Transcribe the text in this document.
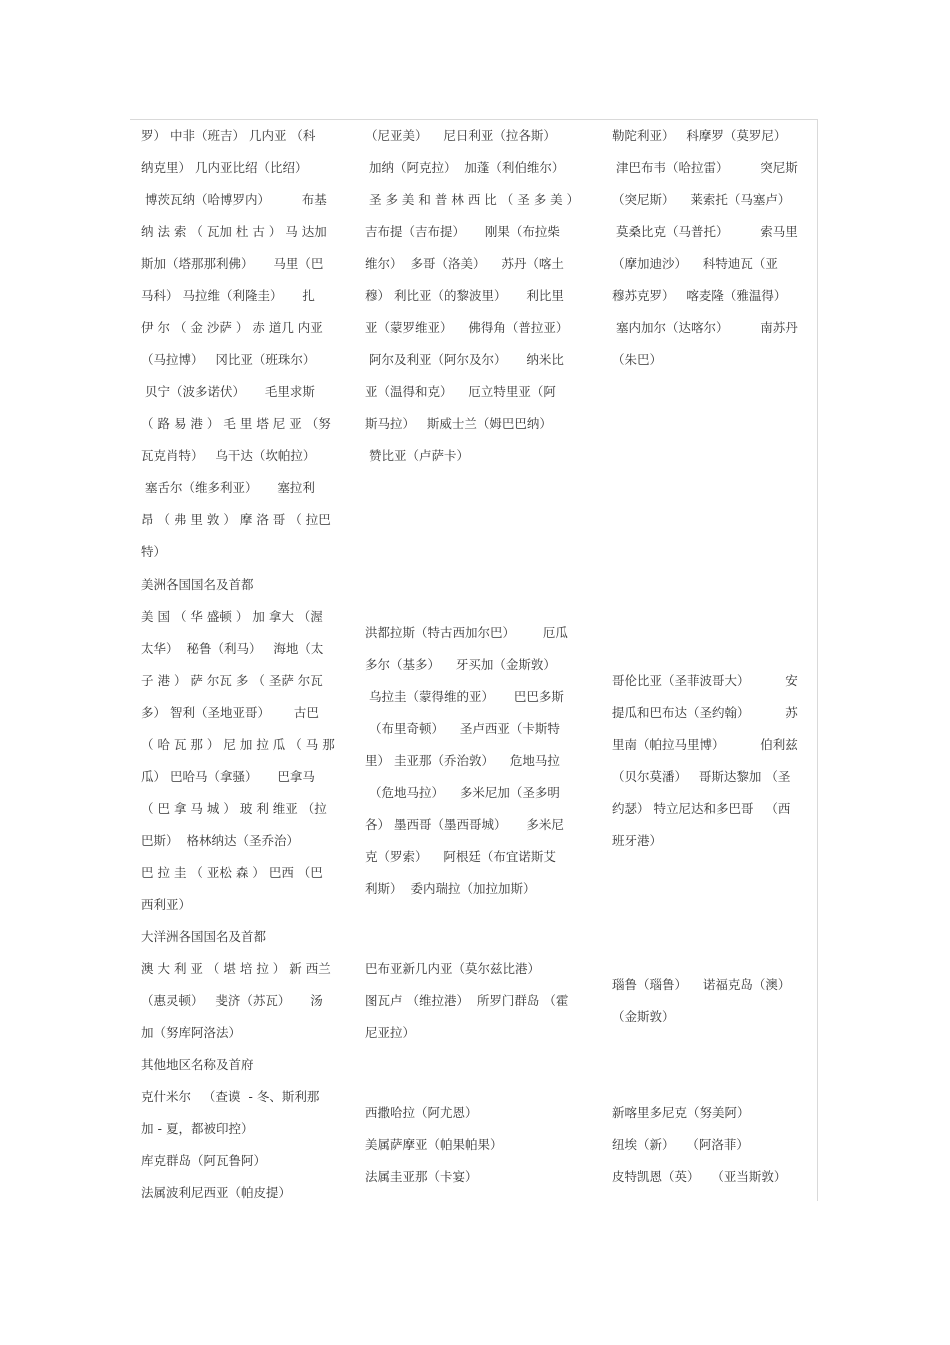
罗） 中非（班吉） 几内亚 （科
纳克里） 几内亚比绍（比绍）
博茨瓦纳（哈博罗内）        布基
纳 法 索 （ 瓦加 杜 古 ） 马 达加
斯加（塔那那利佛）     马里（巴
马科） 马拉维（利隆圭）     扎
伊 尔 （ 金 沙萨 ） 赤 道几 内亚
（马拉博）   冈比亚（班珠尔）
贝宁（波多诺伏）     毛里求斯
（ 路 易 港 ） 毛 里 塔 尼 亚 （努
瓦克肖特）   乌干达（坎帕拉）
塞舌尔（维多利亚）     塞拉利
昂 （ 弗 里 敦 ） 摩 洛 哥 （ 拉巴
特）
（尼亚美）    尼日利亚（拉各斯）
加纳（阿克拉）  加蓬（利伯维尔）
圣 多 美 和 普 林 西 比 （ 圣 多 美 ）
吉布提（吉布提）     刚果（布拉柴
维尔）  多哥（洛美）    苏丹（喀土
穆） 利比亚（的黎波里）     利比里
亚（蒙罗维亚）    佛得角（普拉亚）
阿尔及利亚（阿尔及尔）     纳米比
亚（温得和克）    厄立特里亚（阿
斯马拉）   斯威士兰（姆巴巴纳）
赞比亚（卢萨卡）
勒陀利亚）   科摩罗（莫罗尼）
津巴布韦（哈拉雷）        突尼斯
（突尼斯）    莱索托（马塞卢）
莫桑比克（马普托）        索马里
（摩加迪沙）    科特迪瓦（亚
穆苏克罗）   喀麦隆（雅温得）
塞内加尔（达喀尔）        南苏丹
（朱巴）
美洲各国国名及首都
美 国 （ 华 盛顿 ） 加 拿大 （渥
太华）  秘鲁（利马）   海地（太
子 港 ） 萨 尔瓦 多 （ 圣萨 尔瓦
多） 智利（圣地亚哥）      古巴
（ 哈 瓦 那 ） 尼 加 拉 瓜 （ 马 那
瓜） 巴哈马（拿骚）     巴拿马
（ 巴 拿 马 城 ） 玻 利 维亚 （拉
巴斯）  格林纳达（圣乔治）
巴 拉 圭 （ 亚松 森 ） 巴西 （巴
西利亚）
洪都拉斯（特古西加尔巴）       厄瓜
多尔（基多）    牙买加（金斯敦）
乌拉圭（蒙得维的亚）     巴巴多斯
（布里奇顿）    圣卢西亚（卡斯特
里） 圭亚那（乔治敦）    危地马拉
（危地马拉）    多米尼加（圣多明
各） 墨西哥（墨西哥城）     多米尼
克（罗索）    阿根廷（布宜诺斯艾
利斯）  委内瑞拉（加拉加斯）
哥伦比亚（圣菲波哥大）         安
提瓜和巴布达（圣约翰）         苏
里南（帕拉马里博）         伯利兹
（贝尔莫潘）   哥斯达黎加 （圣
约瑟） 特立尼达和多巴哥   （西
班牙港）
大洋洲各国国名及首都
澳 大 利 亚 （ 堪 培 拉 ） 新 西兰
（惠灵顿）   斐济（苏瓦）     汤
加（努库阿洛法）
巴布亚新几内亚（莫尔兹比港）
图瓦卢 （维拉港）  所罗门群岛 （霍
尼亚拉）
瑙鲁（瑙鲁）    诺福克岛（澳）
（金斯敦）
其他地区名称及首府
克什米尔   （查谟  - 冬、斯利那
加 - 夏，都被印控）
库克群岛（阿瓦鲁阿）
法属波利尼西亚（帕皮提）
西撒哈拉（阿尤恩）
美属萨摩亚（帕果帕果）
法属圭亚那（卡宴）
新喀里多尼克（努美阿）
纽埃（新）   （阿洛菲）
皮特凯恩（英）   （亚当斯敦）
